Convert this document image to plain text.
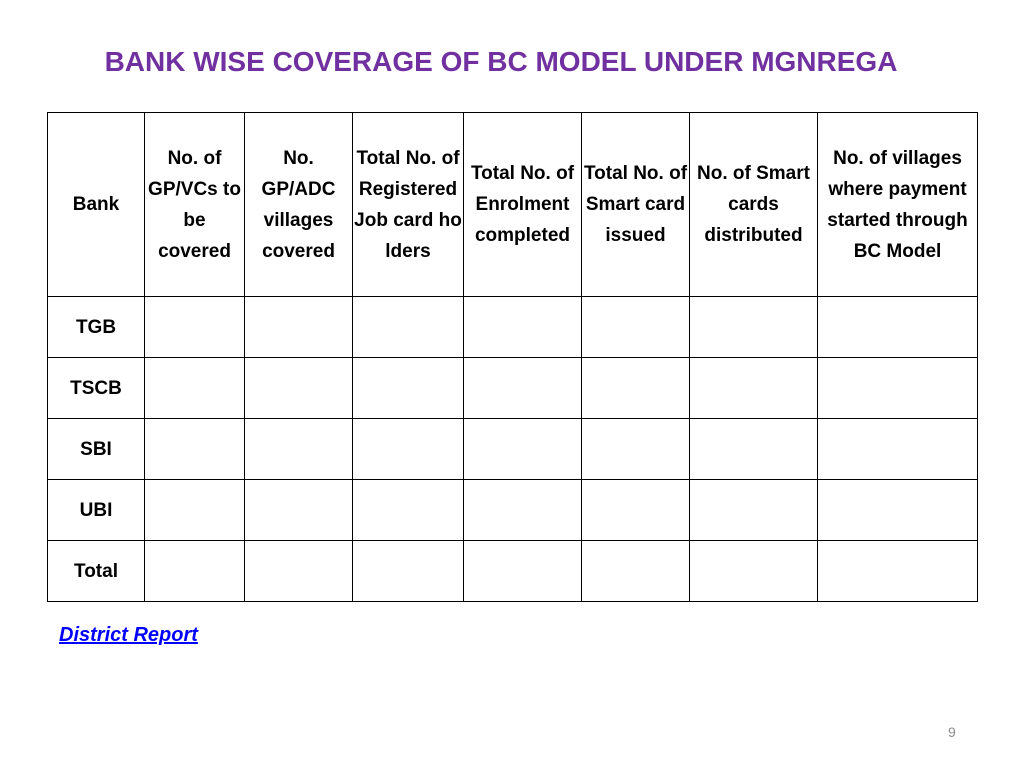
BANK WISE COVERAGE OF BC MODEL UNDER MGNREGA
Bank	No. of GP/VCs to be covered	No. GP/ADC villages covered	Total No. of Registered Job card holders	Total No. of Enrolment completed	Total No. of Smart card issued	No. of Smart cards distributed	No. of villages where payment started through BC Model

TGB							
TSCB							
SBI							
UBI							
Total							
District Report
9
